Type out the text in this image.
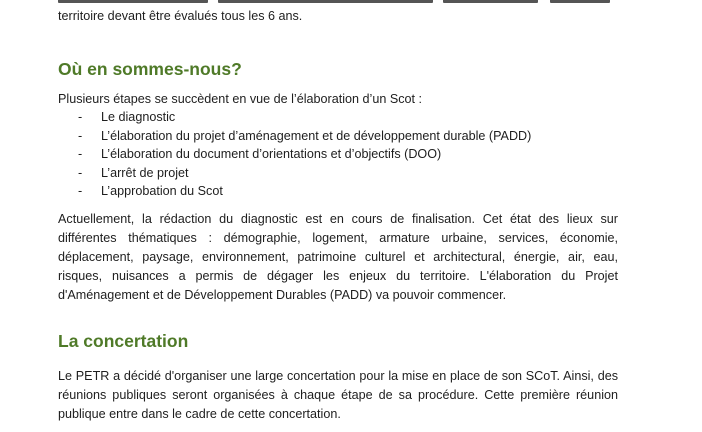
territoire devant être évalués tous les 6 ans.
Où en sommes-nous?
Plusieurs étapes se succèdent en vue de l’élaboration d’un Scot :
- Le diagnostic
- L’élaboration du projet d’aménagement et de développement durable (PADD)
- L’élaboration du document d’orientations et d’objectifs (DOO)
- L’arrêt de projet
- L’approbation du Scot
Actuellement, la rédaction du diagnostic est en cours de finalisation. Cet état des lieux sur différentes thématiques : démographie, logement, armature urbaine, services, économie, déplacement, paysage, environnement, patrimoine culturel et architectural, énergie, air, eau, risques, nuisances a permis de dégager les enjeux du territoire. L'élaboration du Projet d'Aménagement et de Développement Durables (PADD) va pouvoir commencer.
La concertation
Le PETR a décidé d'organiser une large concertation pour la mise en place de son SCoT. Ainsi, des réunions publiques seront organisées à chaque étape de sa procédure. Cette première réunion publique entre dans le cadre de cette concertation.
